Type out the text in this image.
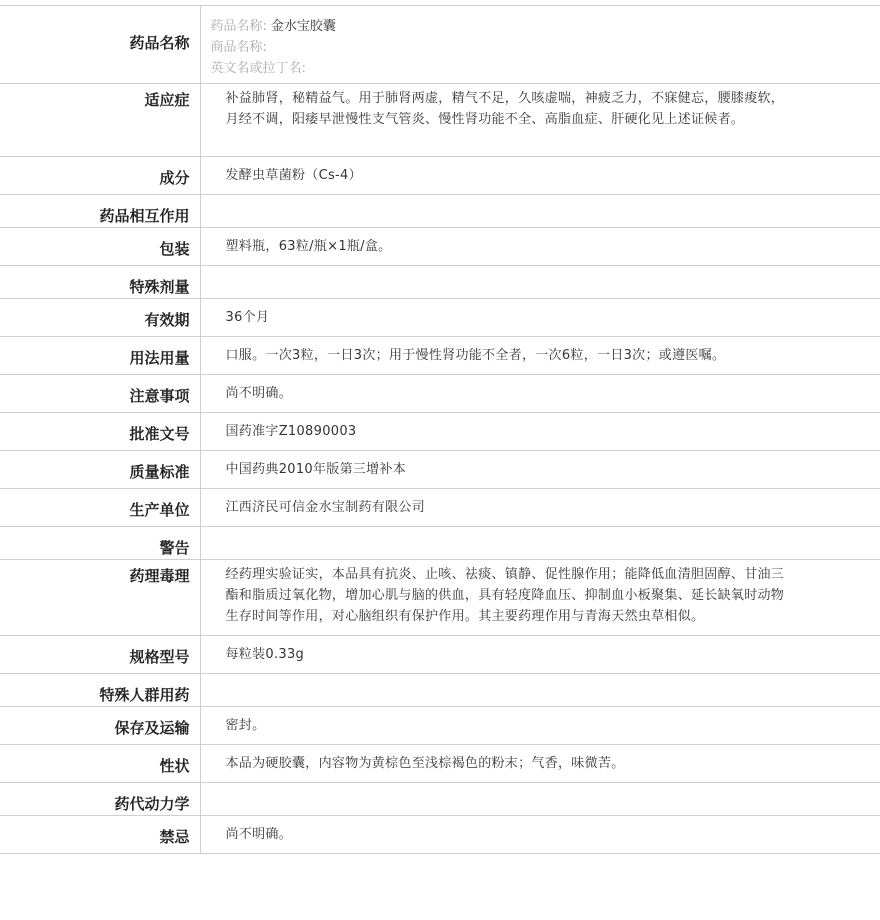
药品名称	药品名称: 金水宝胶囊
商品名称:
英文名或拉丁名:

适应症	补益肺肾，秘精益气。用于肺肾两虚，精气不足，久咳虚喘，神疲乏力，不寐健忘，腰膝痠软，月经不调，阳痿早泄慢性支气管炎、慢性肾功能不全、高脂血症、肝硬化见上述证候者。

成分	发酵虫草菌粉（Cs-4）

药品相互作用	

包装	塑料瓶，63粒/瓶×1瓶/盒。

特殊剂量	

有效期	36个月

用法用量	口服。一次3粒，一日3次；用于慢性肾功能不全者，一次6粒，一日3次；或遵医嘱。

注意事项	尚不明确。

批准文号	国药准字Z10890003

质量标准	中国药典2010年版第三增补本

生产单位	江西济民可信金水宝制药有限公司

警告	

药理毒理	经药理实验证实，本品具有抗炎、止咳、祛痰、镇静、促性腺作用；能降低血清胆固醇、甘油三酯和脂质过氧化物，增加心肌与脑的供血，具有轻度降血压、抑制血小板聚集、延长缺氧时动物生存时间等作用，对心脑组织有保护作用。其主要药理作用与青海天然虫草相似。

规格型号	每粒装0.33g

特殊人群用药	

保存及运输	密封。

性状	本品为硬胶囊，内容物为黄棕色至浅棕褐色的粉末；气香，味微苦。

药代动力学	

禁忌	尚不明确。
